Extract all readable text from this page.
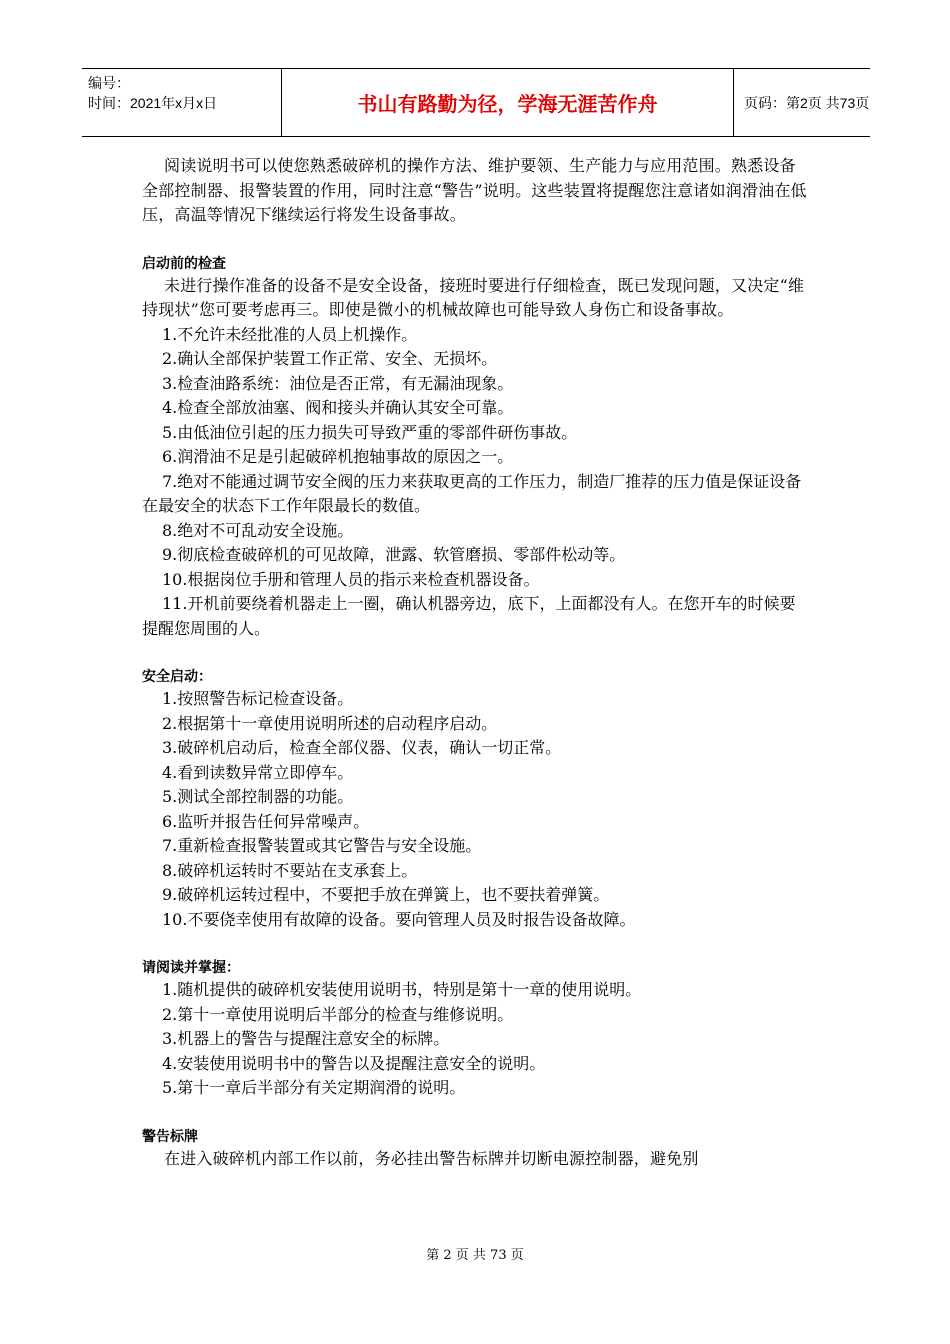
编号：
时间：2021年x月x日	书山有路勤为径，学海无涯苦作舟	页码：第2页 共73页

阅读说明书可以使您熟悉破碎机的操作方法、维护要领、生产能力与应用范围。熟悉设备全部控制器、报警装置的作用，同时注意“警告”说明。这些装置将提醒您注意诸如润滑油在低压，高温等情况下继续运行将发生设备事故。

启动前的检查

未进行操作准备的设备不是安全设备，接班时要进行仔细检查，既已发现问题，又决定“维持现状”您可要考虑再三。即使是微小的机械故障也可能导致人身伤亡和设备事故。

1.不允许未经批准的人员上机操作。

2.确认全部保护装置工作正常、安全、无损坏。

3.检查油路系统：油位是否正常，有无漏油现象。

4.检查全部放油塞、阀和接头并确认其安全可靠。

5.由低油位引起的压力损失可导致严重的零部件研伤事故。

6.润滑油不足是引起破碎机抱轴事故的原因之一。

7.绝对不能通过调节安全阀的压力来获取更高的工作压力，制造厂推荐的压力值是保证设备在最安全的状态下工作年限最长的数值。

8.绝对不可乱动安全设施。

9.彻底检查破碎机的可见故障，泄露、软管磨损、零部件松动等。

10.根据岗位手册和管理人员的指示来检查机器设备。

11.开机前要绕着机器走上一圈，确认机器旁边，底下，上面都没有人。在您开车的时候要提醒您周围的人。

安全启动：

1.按照警告标记检查设备。

2.根据第十一章使用说明所述的启动程序启动。

3.破碎机启动后，检查全部仪器、仪表，确认一切正常。

4.看到读数异常立即停车。

5.测试全部控制器的功能。

6.监听并报告任何异常噪声。

7.重新检查报警装置或其它警告与安全设施。

8.破碎机运转时不要站在支承套上。

9.破碎机运转过程中，不要把手放在弹簧上，也不要扶着弹簧。

10.不要侥幸使用有故障的设备。要向管理人员及时报告设备故障。

请阅读并掌握：

1.随机提供的破碎机安装使用说明书，特别是第十一章的使用说明。

2.第十一章使用说明后半部分的检查与维修说明。

3.机器上的警告与提醒注意安全的标牌。

4.安装使用说明书中的警告以及提醒注意安全的说明。

5.第十一章后半部分有关定期润滑的说明。

警告标牌

在进入破碎机内部工作以前，务必挂出警告标牌并切断电源控制器，避免别

第 2 页 共 73 页
